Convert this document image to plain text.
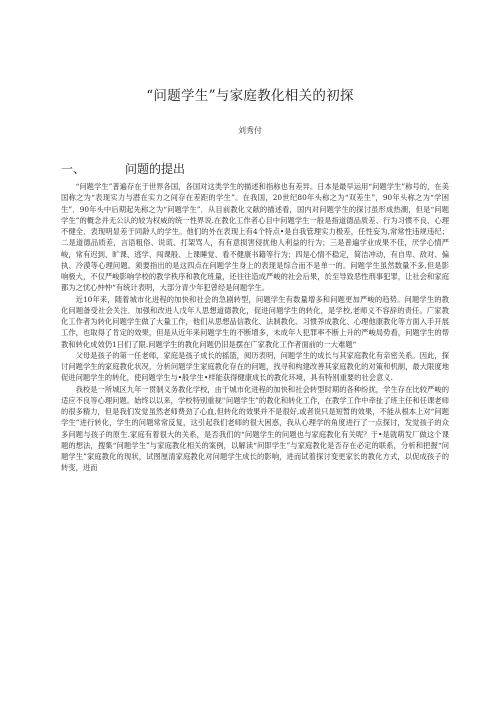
“问题学生”与家庭教化相关的初探
刘秀付
一、	问题的提出

“问题学生”普遍存在于世界各国，各国对这类学生的描述和指称也有差异。日本是最早运用“问题学生”称号的，在美国称之为“表现实力与潜在实力之间存在差距的学生”。在我国，20世纪80年头称之为“双差生”，90年头称之为“学困生”．90年头中后期起先称之为“问题学生”．从目前教化文献的描述看，国内对问题学生的探讨虽形成热潮，但是“问题学生”的概念并无公认的较为权威的统一性界说.在教化工作者心目中问题学生一般是指道德品质差、行为习惯不良、心理不健全、表现明显差于同龄人的学生。他们的外在表现上有4个特点•是自我管理实力极差，任性妄为,常常性违规违纪；二是道德品质差，言语粗俗、说谎、打架骂人，有有意损害侵扰他人利益的行为；三是普遍学业成果不佳，厌学心情严峻，常有迟到、旷课、逃学、闯课般、上课睡觉、看不健康书籍等行为；四是心情不稳定，简洁冲动，有自卑、敌对、偏执、冷漠等心理问题。须要指出的是这四点在问题学生身上的表现是综合而不是单一的。问题学生虽然数量不多,但是影响极大，不仅严峻影响学校的教学秩序和教化班量，还往往造成严峻的社会后果，於至导致恶性刑事犯罪，让社会和家庭都为之忧心忡忡“有统计表明，大部分青少年犯曾经是问题学生。

近10年来，随着城市化进程的加快和社会的急剧转型，问题学生有数量增多和问题更加严峻的趋势。问题学生的教化问题备受社会关注．加强和改进人戊年人思想道德教化，促进问题学生的转化，是学校,老师义不容辞的责任。广家教化工作者为转化问题学生做了大量工作，他们从思想品信教化、法制教化、习惯养成教化、心理他康教化等方面入手开展工作，也取得了肯定的效果，但是从近年来问题学生的不断增多，未成年人犯罪率不断上升的严峻局势看，问题学生的帮教和转化成效仍1日们了限.问题学生的教化问题仍旧是摆在广家教化工作者面前的一大难题“

父母是孩子的第一任老师，家庭是孩子成长的摇篮，阅历表明，问题学生的成长与其家庭教化有亲密关系。因此，探讨问题学生的家庭教化状况，分析问题学生家庭教化存在的问题，找寻和构建改善其家庭教化的对策和机制，最大限度地促进问题学生的转化，使问题学生与•般学生•样能获得健康成长的教化环境，具有特别重要的社会意义.

我校是一所城区九年一贯制义务教化学校，由于城市化进程的加快和社会转型时期的各种纷扰，学生存在比较严峻的适应不良等心理问题。始终以以来，学校特别重视''问题学生”的教化和转化工作，在教学工作中牵扯了班主任和任课老师的很多精力，但是我们发觉虽然老师费劲了心血,但转化的效果并不是很好,或者说只是短暂的效果，不能从根本上对“问题学生”进行转化，学生的问题常常反复，这引起我们老师的很大困惑，我从心理学的角度进行了一点探讨，发觉孩子的众多问题与孩子的原生.家庭有着很大的关系，是否我们的“问题学生的问题也与家庭教化有关呢？于•是就萌发厂做这个课题的想法，搜集“问题学生”与家庭教化相关的案例，以解读“问即学生”与家庭教化是否存在必定的联系，分析和把握“问题学生”家庭教化的现状，试图厘清家庭教化对问题学生成长的影响，进而试着探讨变更家长的教化方式，以促成孩子的转变，进而
